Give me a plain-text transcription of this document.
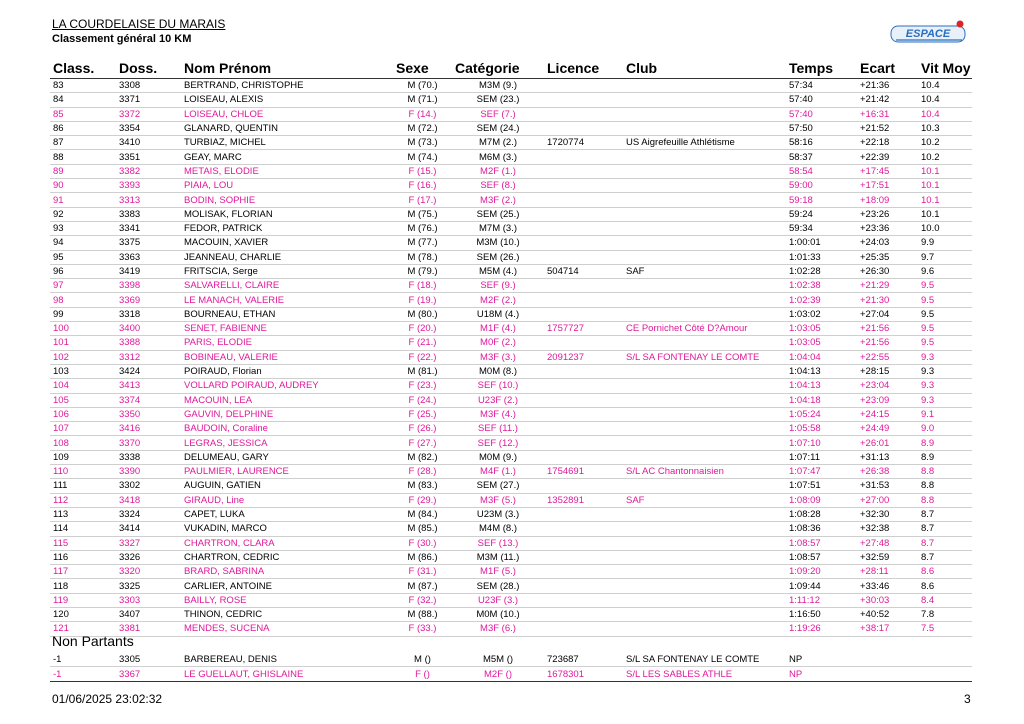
LA COURDELAISE DU MARAIS
Classement général 10 KM	ESPACE
Class.	Doss.	Nom Prénom	Sexe	Catégorie	Licence	Club	Temps	Ecart	Vit Moy
83	3308	BERTRAND, CHRISTOPHE	M (70.)	M3M (9.)			57:34	+21:36	10.4
84	3371	LOISEAU, ALEXIS	M (71.)	SEM (23.)			57:40	+21:42	10.4
85	3372	LOISEAU, CHLOE	F (14.)	SEF (7.)			57:40	+16:31	10.4
86	3354	GLANARD, QUENTIN	M (72.)	SEM (24.)			57:50	+21:52	10.3
87	3410	TURBIAZ, MICHEL	M (73.)	M7M (2.)	1720774	US Aigrefeuille Athlétisme	58:16	+22:18	10.2
88	3351	GEAY, MARC	M (74.)	M6M (3.)			58:37	+22:39	10.2
89	3382	METAIS, ELODIE	F (15.)	M2F (1.)			58:54	+17:45	10.1
90	3393	PIAIA, LOU	F (16.)	SEF (8.)			59:00	+17:51	10.1
91	3313	BODIN, SOPHIE	F (17.)	M3F (2.)			59:18	+18:09	10.1
92	3383	MOLISAK, FLORIAN	M (75.)	SEM (25.)			59:24	+23:26	10.1
93	3341	FEDOR, PATRICK	M (76.)	M7M (3.)			59:34	+23:36	10.0
94	3375	MACOUIN, XAVIER	M (77.)	M3M (10.)			1:00:01	+24:03	9.9
95	3363	JEANNEAU, CHARLIE	M (78.)	SEM (26.)			1:01:33	+25:35	9.7
96	3419	FRITSCIA, Serge	M (79.)	M5M (4.)	504714	SAF	1:02:28	+26:30	9.6
97	3398	SALVARELLI, CLAIRE	F (18.)	SEF (9.)			1:02:38	+21:29	9.5
98	3369	LE MANACH, VALERIE	F (19.)	M2F (2.)			1:02:39	+21:30	9.5
99	3318	BOURNEAU, ETHAN	M (80.)	U18M (4.)			1:03:02	+27:04	9.5
100	3400	SENET, FABIENNE	F (20.)	M1F (4.)	1757727	CE Pornichet Côté D?Amour	1:03:05	+21:56	9.5
101	3388	PARIS, ELODIE	F (21.)	M0F (2.)			1:03:05	+21:56	9.5
102	3312	BOBINEAU, VALERIE	F (22.)	M3F (3.)	2091237	S/L SA FONTENAY LE COMTE	1:04:04	+22:55	9.3
103	3424	POIRAUD, Florian	M (81.)	M0M (8.)			1:04:13	+28:15	9.3
104	3413	VOLLARD POIRAUD, AUDREY	F (23.)	SEF (10.)			1:04:13	+23:04	9.3
105	3374	MACOUIN, LEA	F (24.)	U23F (2.)			1:04:18	+23:09	9.3
106	3350	GAUVIN, DELPHINE	F (25.)	M3F (4.)			1:05:24	+24:15	9.1
107	3416	BAUDOIN, Coraline	F (26.)	SEF (11.)			1:05:58	+24:49	9.0
108	3370	LEGRAS, JESSICA	F (27.)	SEF (12.)			1:07:10	+26:01	8.9
109	3338	DELUMEAU, GARY	M (82.)	M0M (9.)			1:07:11	+31:13	8.9
110	3390	PAULMIER, LAURENCE	F (28.)	M4F (1.)	1754691	S/L AC Chantonnaisien	1:07:47	+26:38	8.8
111	3302	AUGUIN, GATIEN	M (83.)	SEM (27.)			1:07:51	+31:53	8.8
112	3418	GIRAUD, Line	F (29.)	M3F (5.)	1352891	SAF	1:08:09	+27:00	8.8
113	3324	CAPET, LUKA	M (84.)	U23M (3.)			1:08:28	+32:30	8.7
114	3414	VUKADIN, MARCO	M (85.)	M4M (8.)			1:08:36	+32:38	8.7
115	3327	CHARTRON, CLARA	F (30.)	SEF (13.)			1:08:57	+27:48	8.7
116	3326	CHARTRON, CEDRIC	M (86.)	M3M (11.)			1:08:57	+32:59	8.7
117	3320	BRARD, SABRINA	F (31.)	M1F (5.)			1:09:20	+28:11	8.6
118	3325	CARLIER, ANTOINE	M (87.)	SEM (28.)			1:09:44	+33:46	8.6
119	3303	BAILLY, ROSE	F (32.)	U23F (3.)			1:11:12	+30:03	8.4
120	3407	THINON, CEDRIC	M (88.)	M0M (10.)			1:16:50	+40:52	7.8
121	3381	MENDES, SUCENA	F (33.)	M3F (6.)			1:19:26	+38:17	7.5
Non Partants
-1	3305	BARBEREAU, DENIS	M ()	M5M ()	723687	S/L SA FONTENAY LE COMTE	NP		
-1	3367	LE GUELLAUT, GHISLAINE	F ()	M2F ()	1678301	S/L LES SABLES ATHLE	NP		
01/06/2025 23:02:32	3
